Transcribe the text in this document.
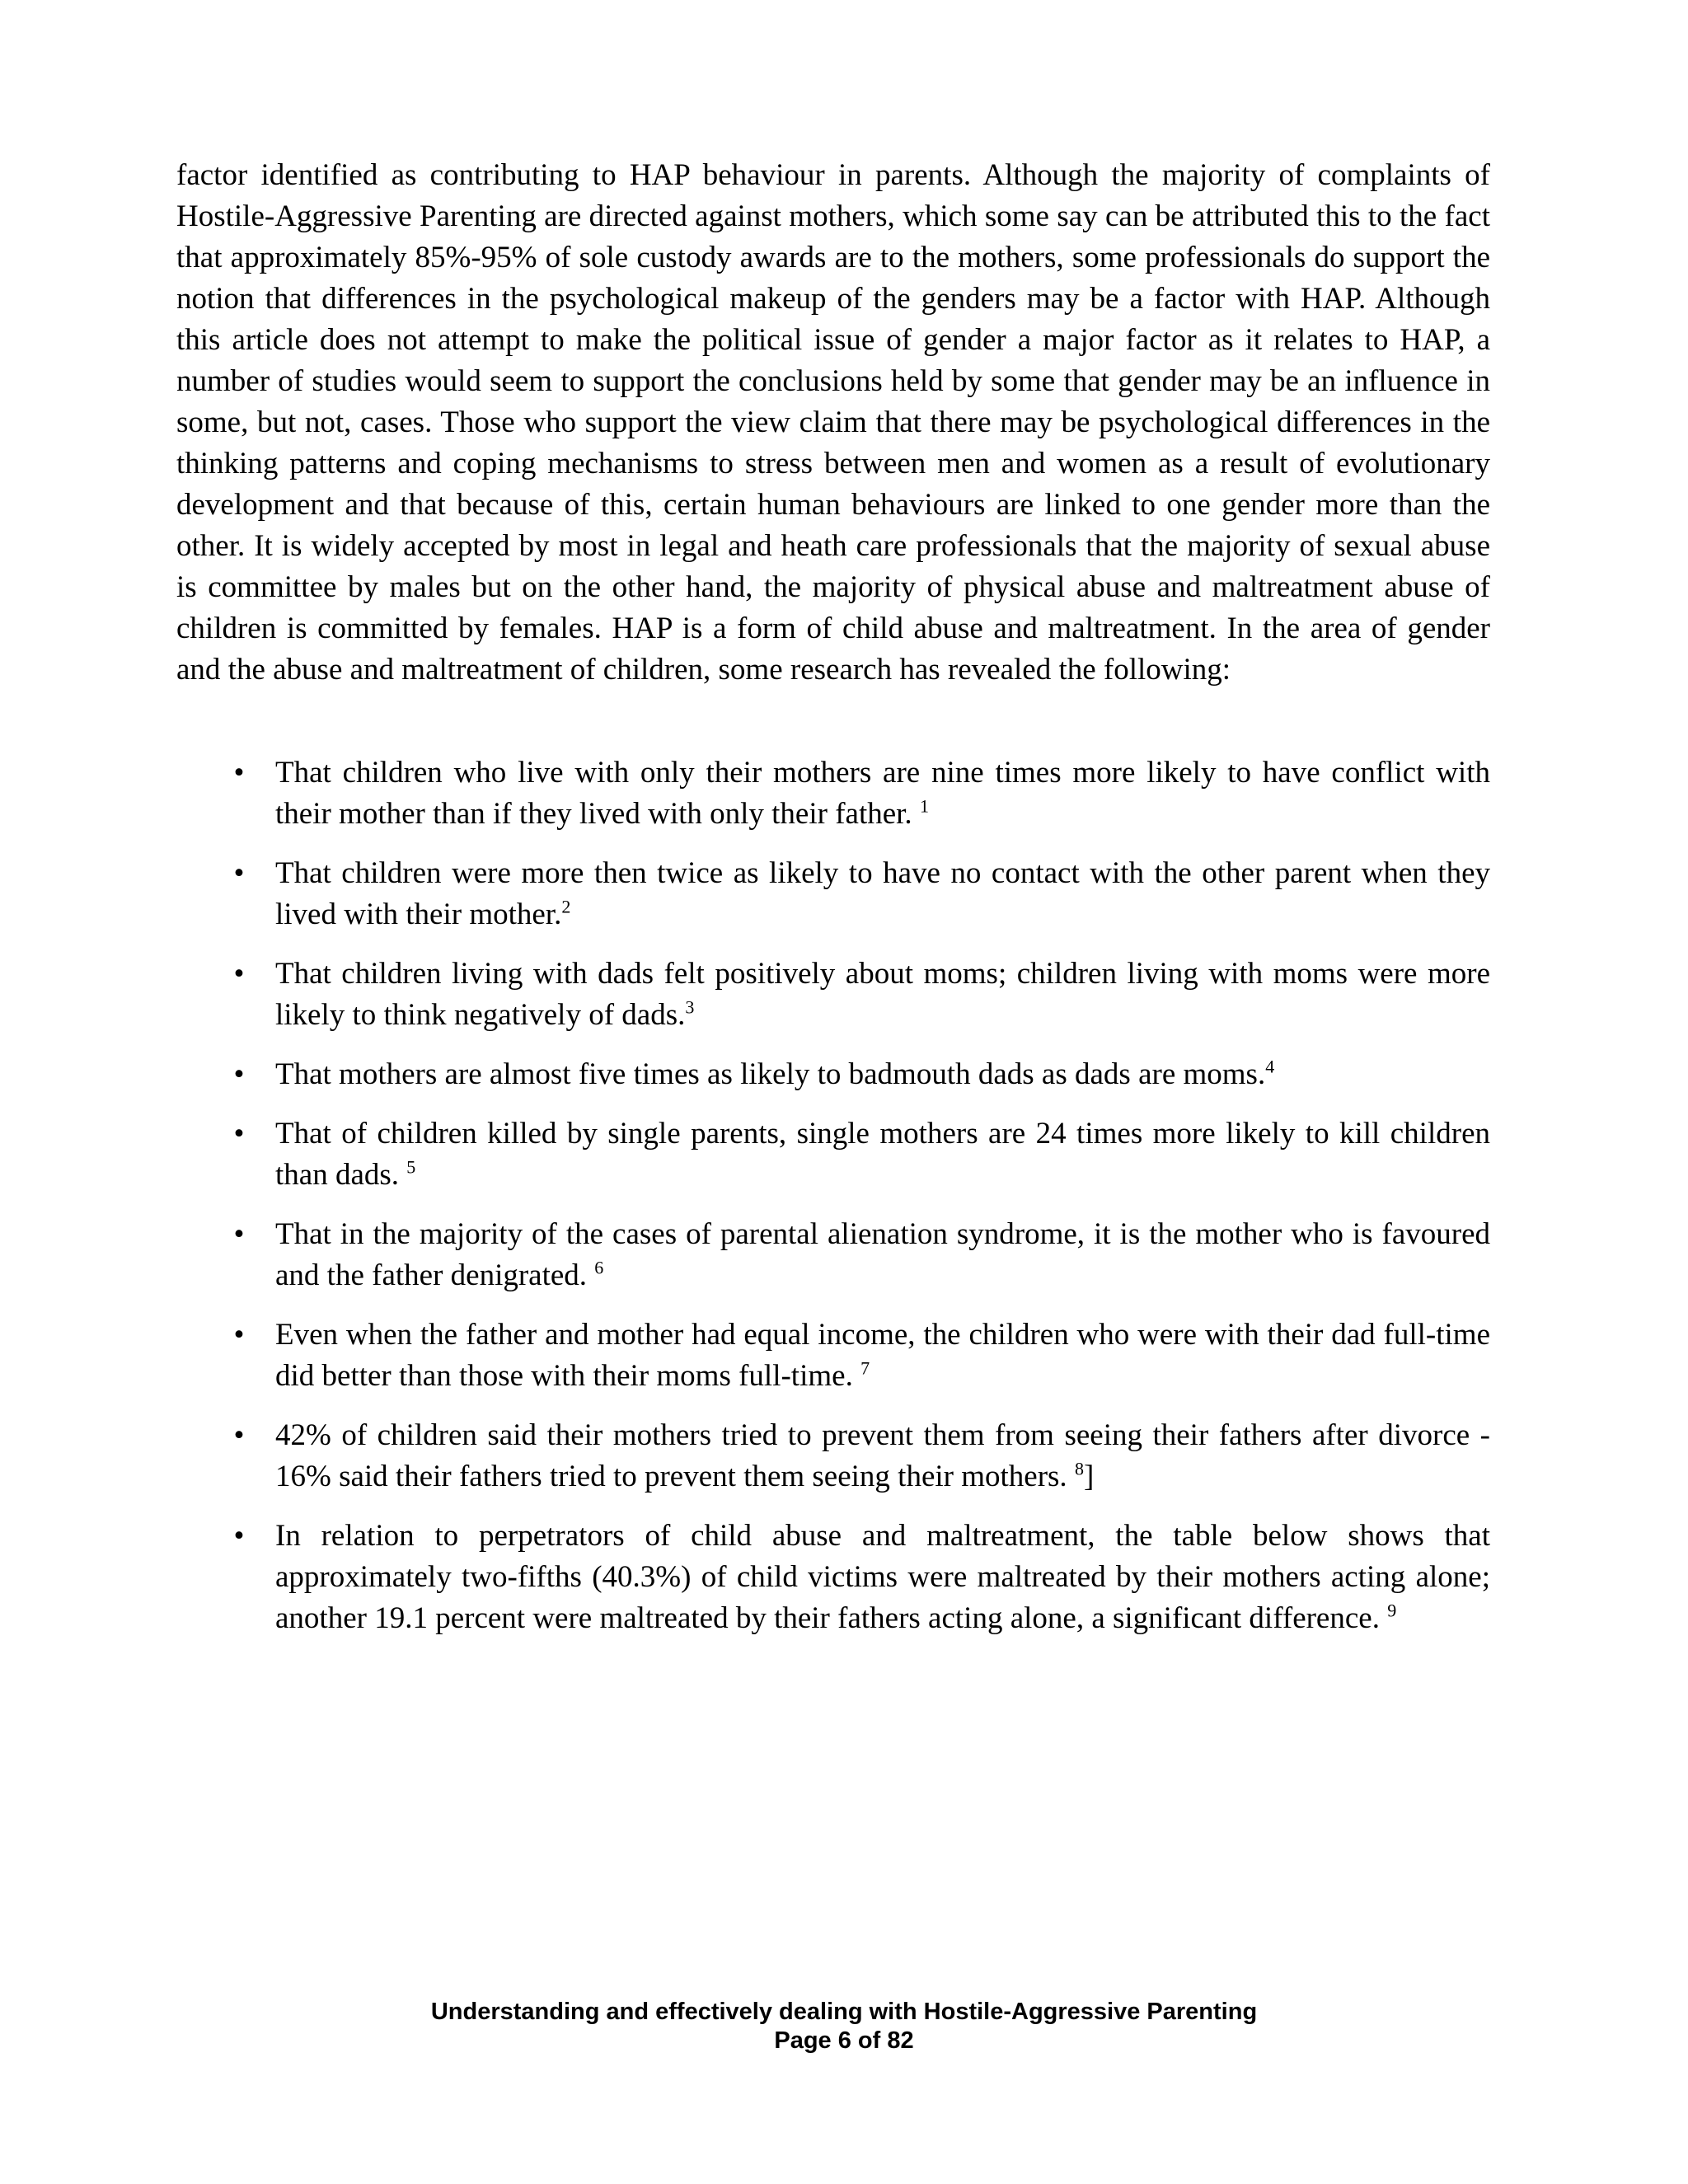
factor identified as contributing to HAP behaviour in parents. Although the majority of complaints of Hostile-Aggressive Parenting are directed against mothers, which some say can be attributed this to the fact that approximately 85%-95% of sole custody awards are to the mothers, some professionals do support the notion that differences in the psychological makeup of the genders may be a factor with HAP. Although this article does not attempt to make the political issue of gender a major factor as it relates to HAP, a number of studies would seem to support the conclusions held by some that gender may be an influence in some, but not, cases. Those who support the view claim that there may be psychological differences in the thinking patterns and coping mechanisms to stress between men and women as a result of evolutionary development and that because of this, certain human behaviours are linked to one gender more than the other. It is widely accepted by most in legal and heath care professionals that the majority of sexual abuse is committee by males but on the other hand, the majority of physical abuse and maltreatment abuse of children is committed by females. HAP is a form of child abuse and maltreatment. In the area of gender and the abuse and maltreatment of children, some research has revealed the following:

• That children who live with only their mothers are nine times more likely to have conflict with their mother than if they lived with only their father. $^1$
• That children were more then twice as likely to have no contact with the other parent when they lived with their mother.$^2$
• That children living with dads felt positively about moms; children living with moms were more likely to think negatively of dads.$^3$
• That mothers are almost five times as likely to badmouth dads as dads are moms.$^4$
• That of children killed by single parents, single mothers are 24 times more likely to kill children than dads. $^5$
• That in the majority of the cases of parental alienation syndrome, it is the mother who is favoured and the father denigrated. $^6$
• Even when the father and mother had equal income, the children who were with their dad full-time did better than those with their moms full-time. $^7$
• 42% of children said their mothers tried to prevent them from seeing their fathers after divorce - 16% said their fathers tried to prevent them seeing their mothers. $^8$]
• In relation to perpetrators of child abuse and maltreatment, the table below shows that approximately two-fifths (40.3%) of child victims were maltreated by their mothers acting alone; another 19.1 percent were maltreated by their fathers acting alone, a significant difference. $^9$
Understanding and effectively dealing with Hostile-Aggressive Parenting
Page 6 of 82
